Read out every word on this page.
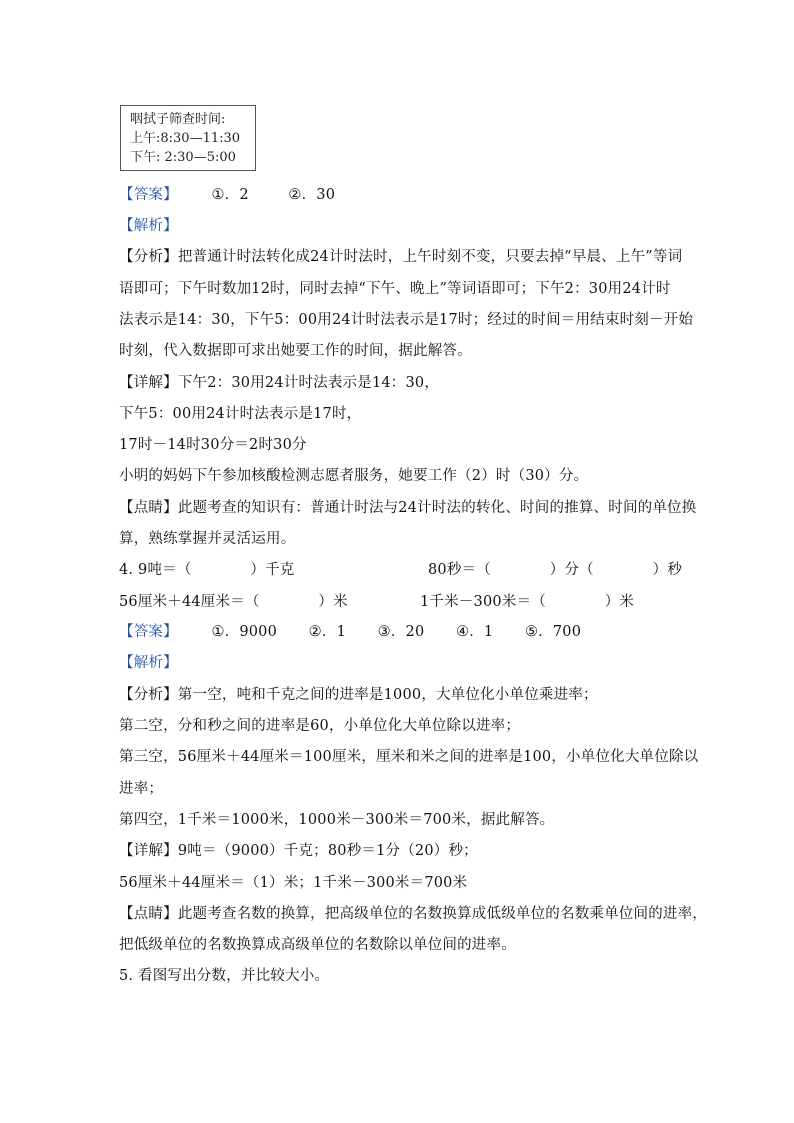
咽拭子筛查时间:
上午:8:30—11:30
下午: 2:30—5:00
【答案】 ①．2	②．30
【解析】
【分析】把普通计时法转化成24计时法时，上午时刻不变，只要去掉“早晨、上午”等词
语即可；下午时数加12时，同时去掉“下午、晚上”等词语即可；下午2：30用24计时
法表示是14：30，下午5：00用24计时法表示是17时；经过的时间＝用结束时刻－开始
时刻，代入数据即可求出她要工作的时间，据此解答。
【详解】下午2：30用24计时法表示是14：30，
下午5：00用24计时法表示是17时，
17时－14时30分＝2时30分
小明的妈妈下午参加核酸检测志愿者服务，她要工作（2）时（30）分。
【点睛】此题考查的知识有：普通计时法与24计时法的转化、时间的推算、时间的单位换
算，熟练掌握并灵活运用。
4. 9吨＝（　　　　）千克	80秒＝（　　　　）分（　　　　）秒
56厘米＋44厘米＝（　　　　）米	1千米－300米＝（　　　　）米
【答案】 ①．9000 ②．1 ③．20 ④．1 ⑤．700
【解析】
【分析】第一空，吨和千克之间的进率是1000，大单位化小单位乘进率；
第二空，分和秒之间的进率是60，小单位化大单位除以进率；
第三空，56厘米＋44厘米＝100厘米，厘米和米之间的进率是100，小单位化大单位除以
进率；
第四空，1千米＝1000米，1000米－300米＝700米，据此解答。
【详解】9吨＝（9000）千克；80秒＝1分（20）秒；
56厘米＋44厘米＝（1）米；1千米－300米＝700米
【点睛】此题考查名数的换算，把高级单位的名数换算成低级单位的名数乘单位间的进率，
把低级单位的名数换算成高级单位的名数除以单位间的进率。
5. 看图写出分数，并比较大小。
